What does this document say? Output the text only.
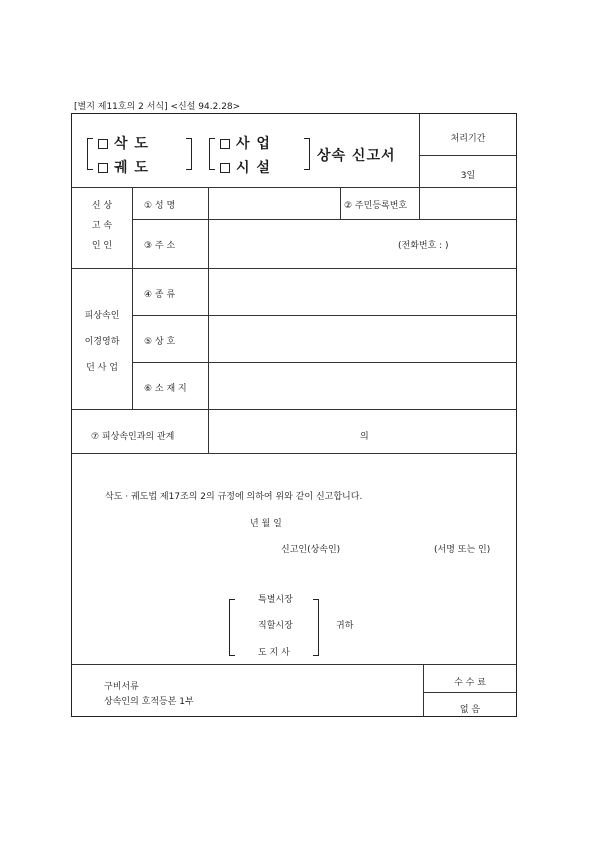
[별지 제11호의 2 서식] <신설 94.2.28>
삭 도
궤 도
사 업
시 설
상속 신고서
처리기간
3일
신 상
고 속
인 인
① 성 명	② 주민등록번호
③ 주 소	(전화번호 : )
피상속인
이경영하
던 사 업
④ 종 류
⑤ 상 호
⑥ 소 재 지
⑦ 피상속인과의 관계	의
삭도 · 궤도법 제17조의 2의 규정에 의하여 위와 같이 신고합니다.
년 월 일
신고인(상속인)	(서명 또는 인)
특별시장
직할시장
도 지 사
귀하
구비서류
상속인의 호적등본 1부
수 수 료
없 음
